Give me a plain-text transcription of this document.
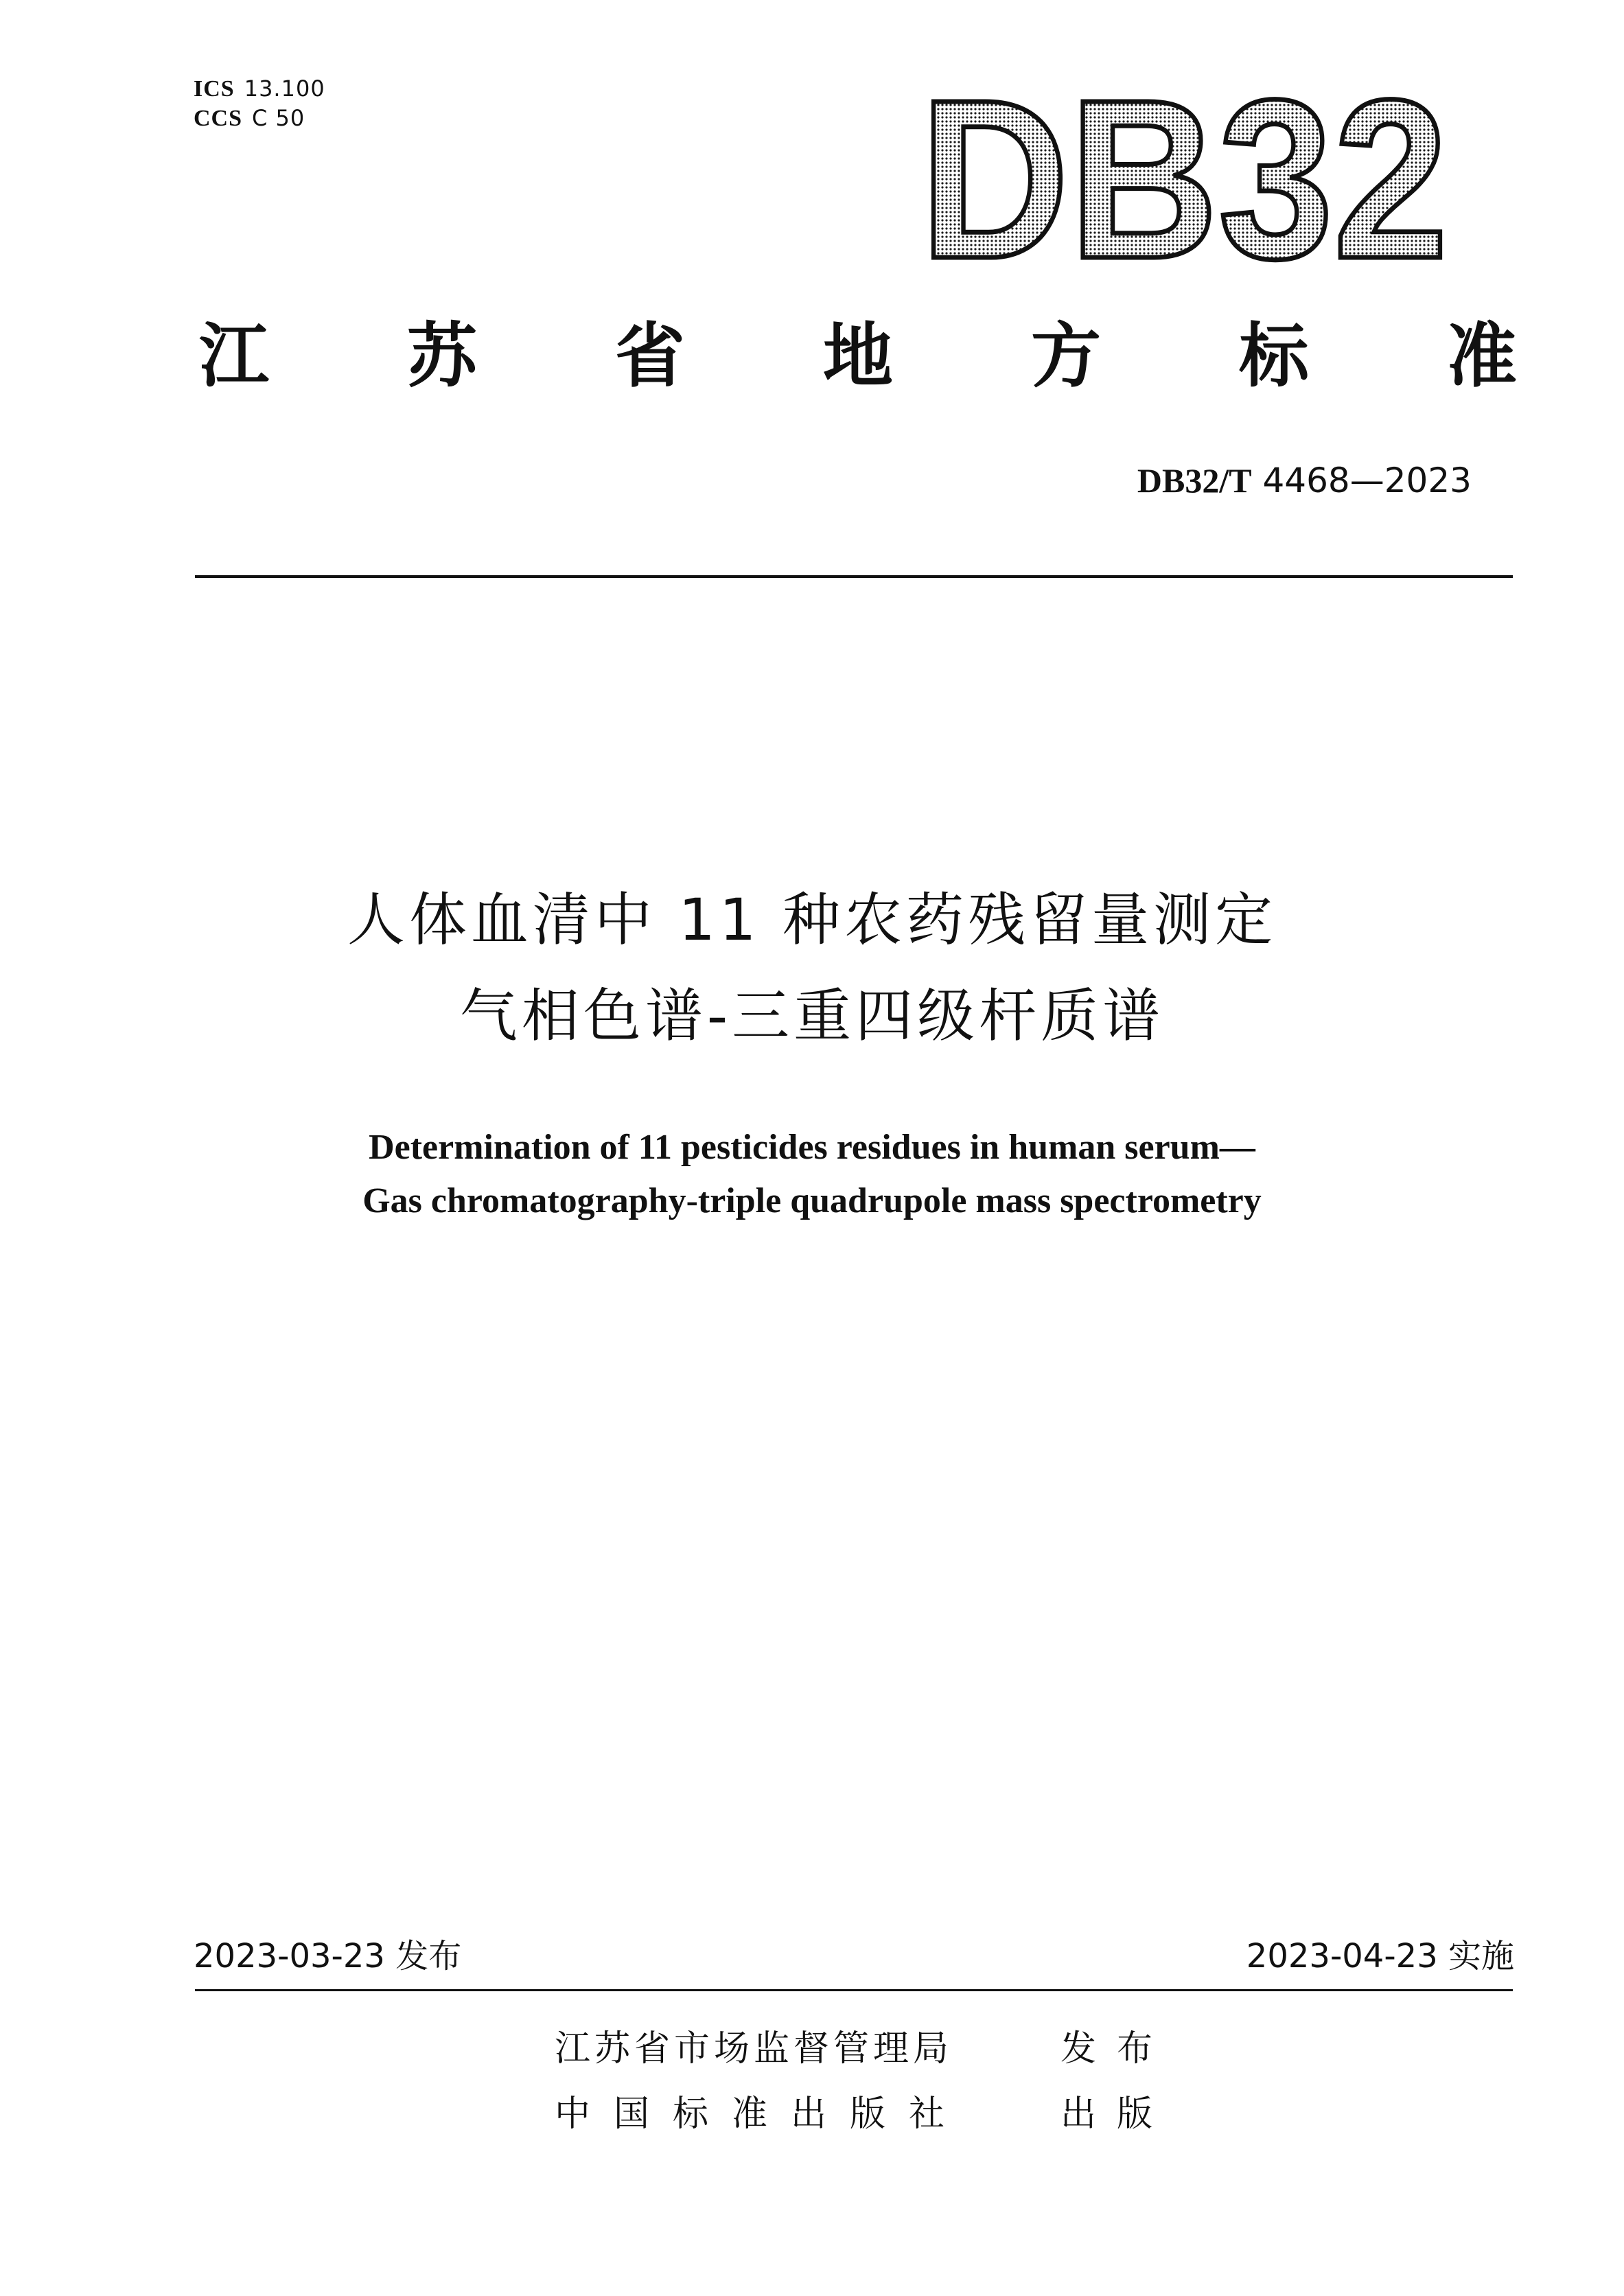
ICS 13.100
CCS C 50	DB32
江 苏 省 地 方 标 准
DB32/T 4468—2023
人体血清中 11 种农药残留量测定
气相色谱-三重四级杆质谱
Determination of 11 pesticides residues in human serum—
Gas chromatography-triple quadrupole mass spectrometry
2023-03-23 发布	2023-04-23 实施
江苏省市场监督管理局	发布
中国标准出版社	出版
